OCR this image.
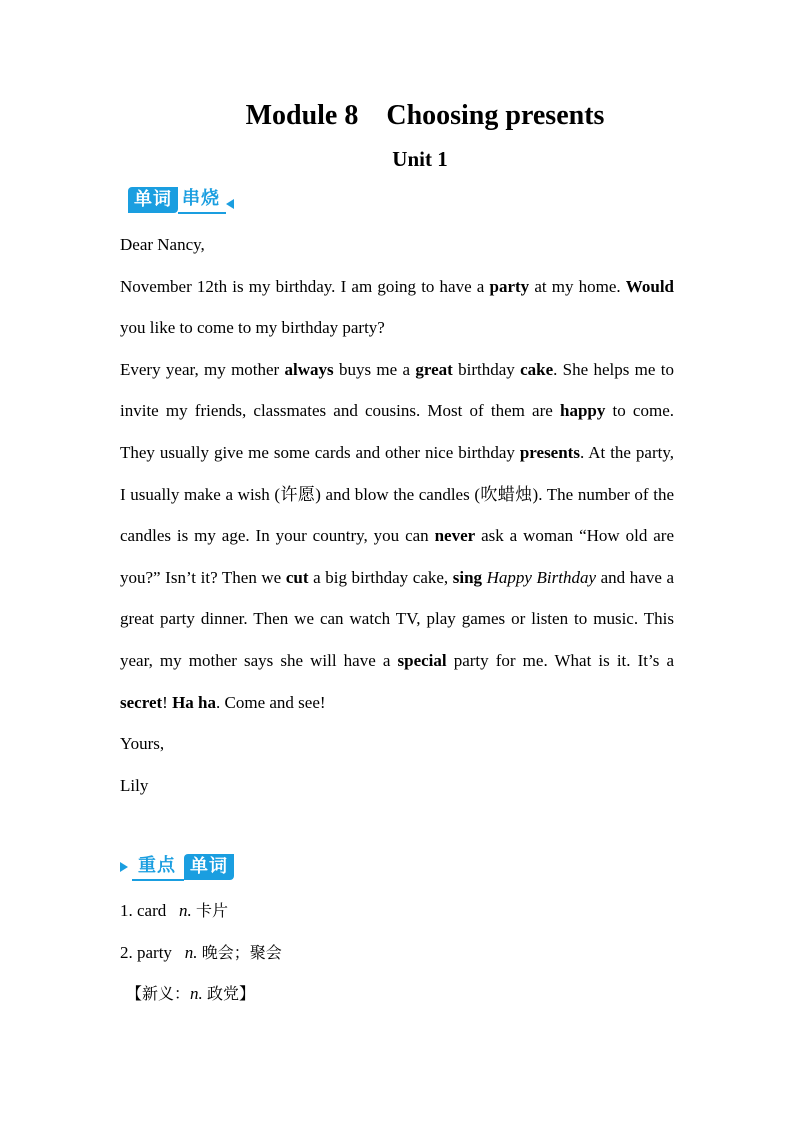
Module 8    Choosing presents
Unit 1
单词 串烧

Dear Nancy,

November 12th is my birthday. I am going to have a party at my home. Would you like to come to my birthday party?

Every year, my mother always buys me a great birthday cake. She helps me to invite my friends, classmates and cousins. Most of them are happy to come. They usually give me some cards and other nice birthday presents. At the party, I usually make a wish (许愿) and blow the candles (吹蜡烛). The number of the candles is my age. In your country, you can never ask a woman “How old are you?” Isn’t it? Then we cut a big birthday cake, sing Happy Birthday and have a great party dinner. Then we can watch TV, play games or listen to music. This year, my mother says she will have a special party for me. What is it. It’s a secret! Ha ha. Come and see!

Yours,

Lily

重点 单词

1. card n. 卡片

2. party n. 晚会；聚会

【新义：n. 政党】
